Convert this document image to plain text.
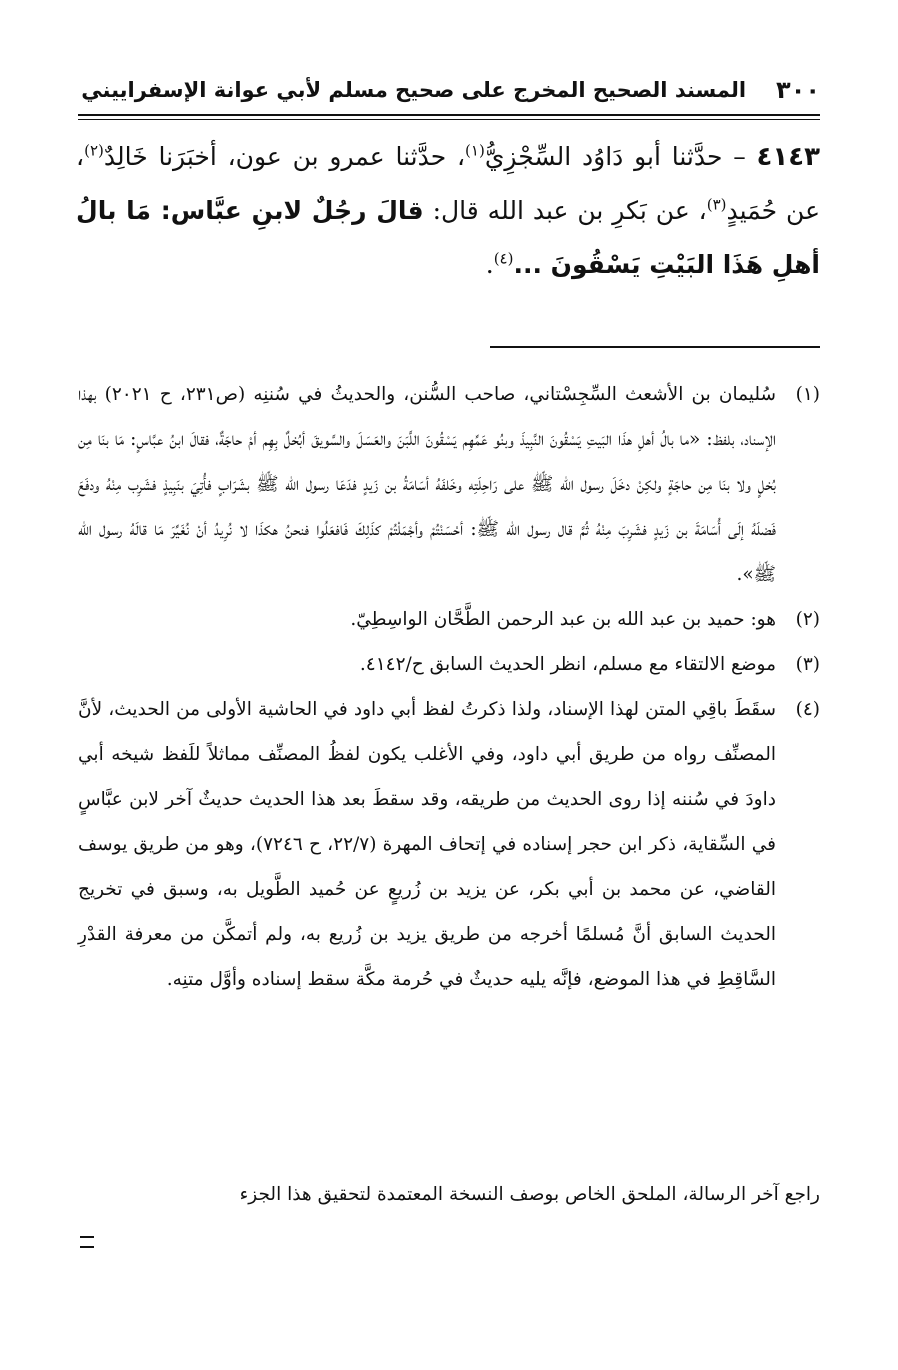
٣٠٠
المسند الصحيح المخرج على صحيح مسلم لأبي عوانة الإسفراييني
٤١٤٣ – حدَّثنا أبو دَاوُد السِّجْزِيُّ$^{(١)}$، حدَّثنا عمرو بن عون، أخبَرَنا خَالِدٌ$^{(٢)}$، عن حُمَيدٍ$^{(٣)}$، عن بَكرِ بن عبد الله قال: قالَ رجُلٌ لابنِ عبَّاس: مَا بالُ أهلِ هَذَا البَيْتِ يَسْقُونَ ...$^{(٤)}$.

(١)سُليمان بن الأشعث السِّجِسْتاني، صاحب السُّنن، والحديثُ في سُننِه (ص٢٣١، ح ٢٠٢١) بهذا الإسناد، بلفظ: «ما بالُ أهلِ هذَا البَيتِ يَسْقُونَ النَّبِيذَ وبنُو عَمِّهِم يَسْقُونَ اللَّبَنَ والعَسَلَ والسَّويقَ أبُخلٌ بِهِم أمْ حاجَةٌ، فقالَ ابنُ عبَّاسٍ: مَا بنَا مِن بُخلٍ ولا بنَا مِن حاجَةٍ ولكِنْ دخَلَ رسول الله ﷺ على رَاحِلَتِه وخَلفَهُ أسَامَةُ بن زَيدٍ فدَعَا رسول الله ﷺ بشَرَابٍ فأُتِيَ بنَبِيذٍ فشَرِب مِنْهُ ودفَعَ فَضلَهُ إلَى أُسَامَةَ بن زَيدٍ فشَرِبَ مِنْهُ ثُمَّ قال رسول الله ﷺ: أحْسَنْتُمْ وأجْمَلْتُمْ كذَلِكَ فَافعَلُوا فنحنُ هكذَا لا نُرِيدُ أنْ نُغَيِّرَ مَا قالَهُ رسول الله ﷺ».

(٢)هو: حميد بن عبد الله بن عبد الرحمن الطَّحَّان الواسِطِيّ.

(٣)موضع الالتقاء مع مسلم، انظر الحديث السابق ح/٤١٤٢.

(٤)سقَطَ باقِي المتن لهذا الإسناد، ولذا ذكرتُ لفظ أبي داود في الحاشية الأولى من الحديث، لأنَّ المصنِّف رواه من طريق أبي داود، وفي الأغلب يكون لفظُ المصنِّف مماثلاً للَفظ شيخه أبي داودَ في سُننه إذا روى الحديث من طريقه، وقد سقطَ بعد هذا الحديث حديثٌ آخر لابن عبَّاسٍ في السِّقاية، ذكر ابن حجر إسناده في إتحاف المهرة (٢٢/٧، ح ٧٢٤٦)، وهو من طريق يوسف القاضي، عن محمد بن أبي بكر، عن يزيد بن زُريعٍ عن حُميد الطَّويل به، وسبق في تخريج الحديث السابق أنَّ مُسلمًا أخرجه من طريق يزيد بن زُريع به، ولم أتمكَّن من معرفة القدْرِ السَّاقِطِ في هذا الموضع، فإنَّه يليه حديثٌ في حُرمة مكَّة سقط إسناده وأوَّل متنِه.

راجع آخر الرسالة، الملحق الخاص بوصف النسخة المعتمدة لتحقيق هذا الجزء
